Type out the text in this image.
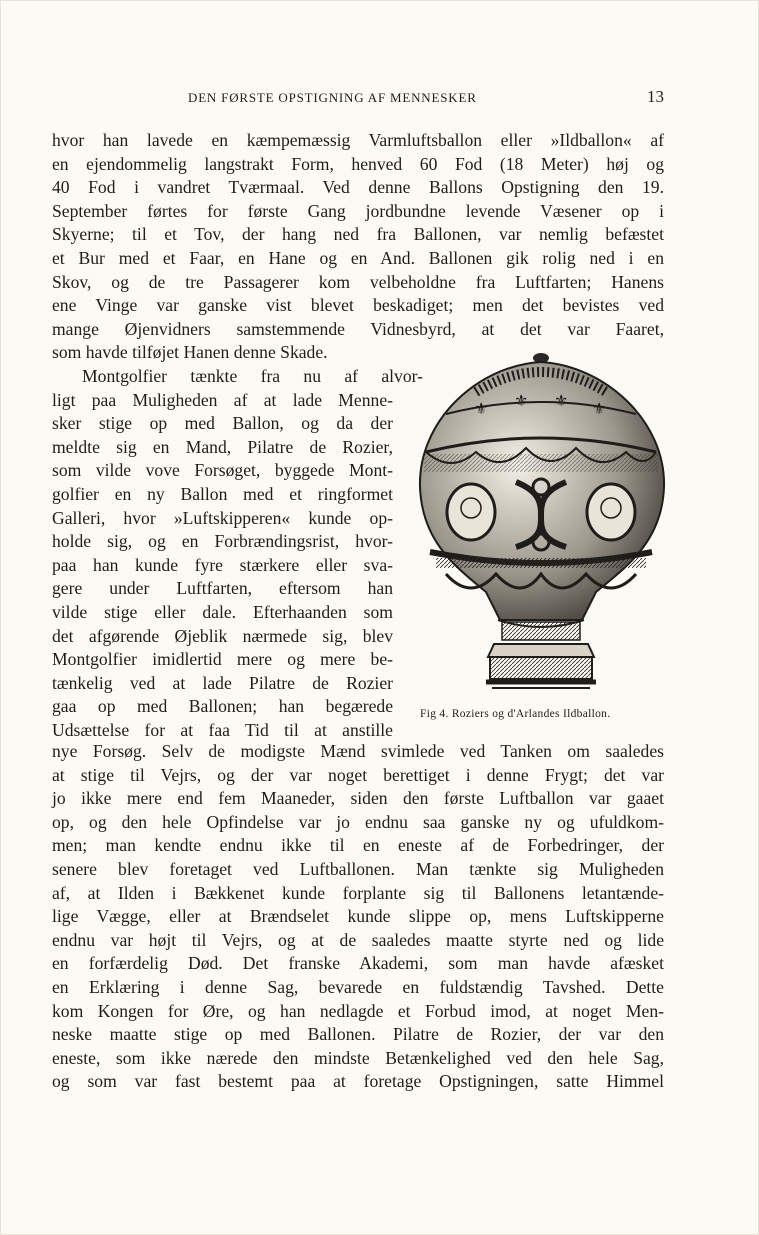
DEN FØRSTE OPSTIGNING AF MENNESKER	13
hvor han lavede en kæmpemæssig Varmluftsballon eller »Ildballon« af
en ejendommelig langstrakt Form, henved 60 Fod (18 Meter) høj og
40 Fod i vandret Tværmaal. Ved denne Ballons Opstigning den 19.
September førtes for første Gang jordbundne levende Væsener op i
Skyerne; til et Tov, der hang ned fra Ballonen, var nemlig befæstet
et Bur med et Faar, en Hane og en And. Ballonen gik rolig ned i en
Skov, og de tre Passagerer kom velbeholdne fra Luftfarten; Hanens
ene Vinge var ganske vist blevet beskadiget; men det bevistes ved
mange Øjenvidners samstemmende Vidnesbyrd, at det var Faaret,
som havde tilføjet Hanen denne Skade.
Montgolfier tænkte fra nu af alvor-
ligt paa Muligheden af at lade Menne-
sker stige op med Ballon, og da der
meldte sig en Mand, Pilatre de Rozier,
som vilde vove Forsøget, byggede Mont-
golfier en ny Ballon med et ringformet
Galleri, hvor »Luftskipperen« kunde op-
holde sig, og en Forbrændingsrist, hvor-
paa han kunde fyre stærkere eller sva-
gere under Luftfarten, eftersom han
vilde stige eller dale. Efterhaanden som
det afgørende Øjeblik nærmede sig, blev
Montgolfier imidlertid mere og mere be-
tænkelig ved at lade Pilatre de Rozier
gaa op med Ballonen; han begærede
Udsættelse for at faa Tid til at anstille
⚜ ⚜ ⚜ ⚜
Fig 4. Roziers og d'Arlandes Ildballon.
nye Forsøg. Selv de modigste Mænd svimlede ved Tanken om saaledes
at stige til Vejrs, og der var noget berettiget i denne Frygt; det var
jo ikke mere end fem Maaneder, siden den første Luftballon var gaaet
op, og den hele Opfindelse var jo endnu saa ganske ny og ufuldkom-
men; man kendte endnu ikke til en eneste af de Forbedringer, der
senere blev foretaget ved Luftballonen. Man tænkte sig Muligheden
af, at Ilden i Bækkenet kunde forplante sig til Ballonens letantænde-
lige Vægge, eller at Brændselet kunde slippe op, mens Luftskipperne
endnu var højt til Vejrs, og at de saaledes maatte styrte ned og lide
en forfærdelig Død. Det franske Akademi, som man havde afæsket
en Erklæring i denne Sag, bevarede en fuldstændig Tavshed. Dette
kom Kongen for Øre, og han nedlagde et Forbud imod, at noget Men-
neske maatte stige op med Ballonen. Pilatre de Rozier, der var den
eneste, som ikke nærede den mindste Betænkelighed ved den hele Sag,
og som var fast bestemt paa at foretage Opstigningen, satte Himmel
